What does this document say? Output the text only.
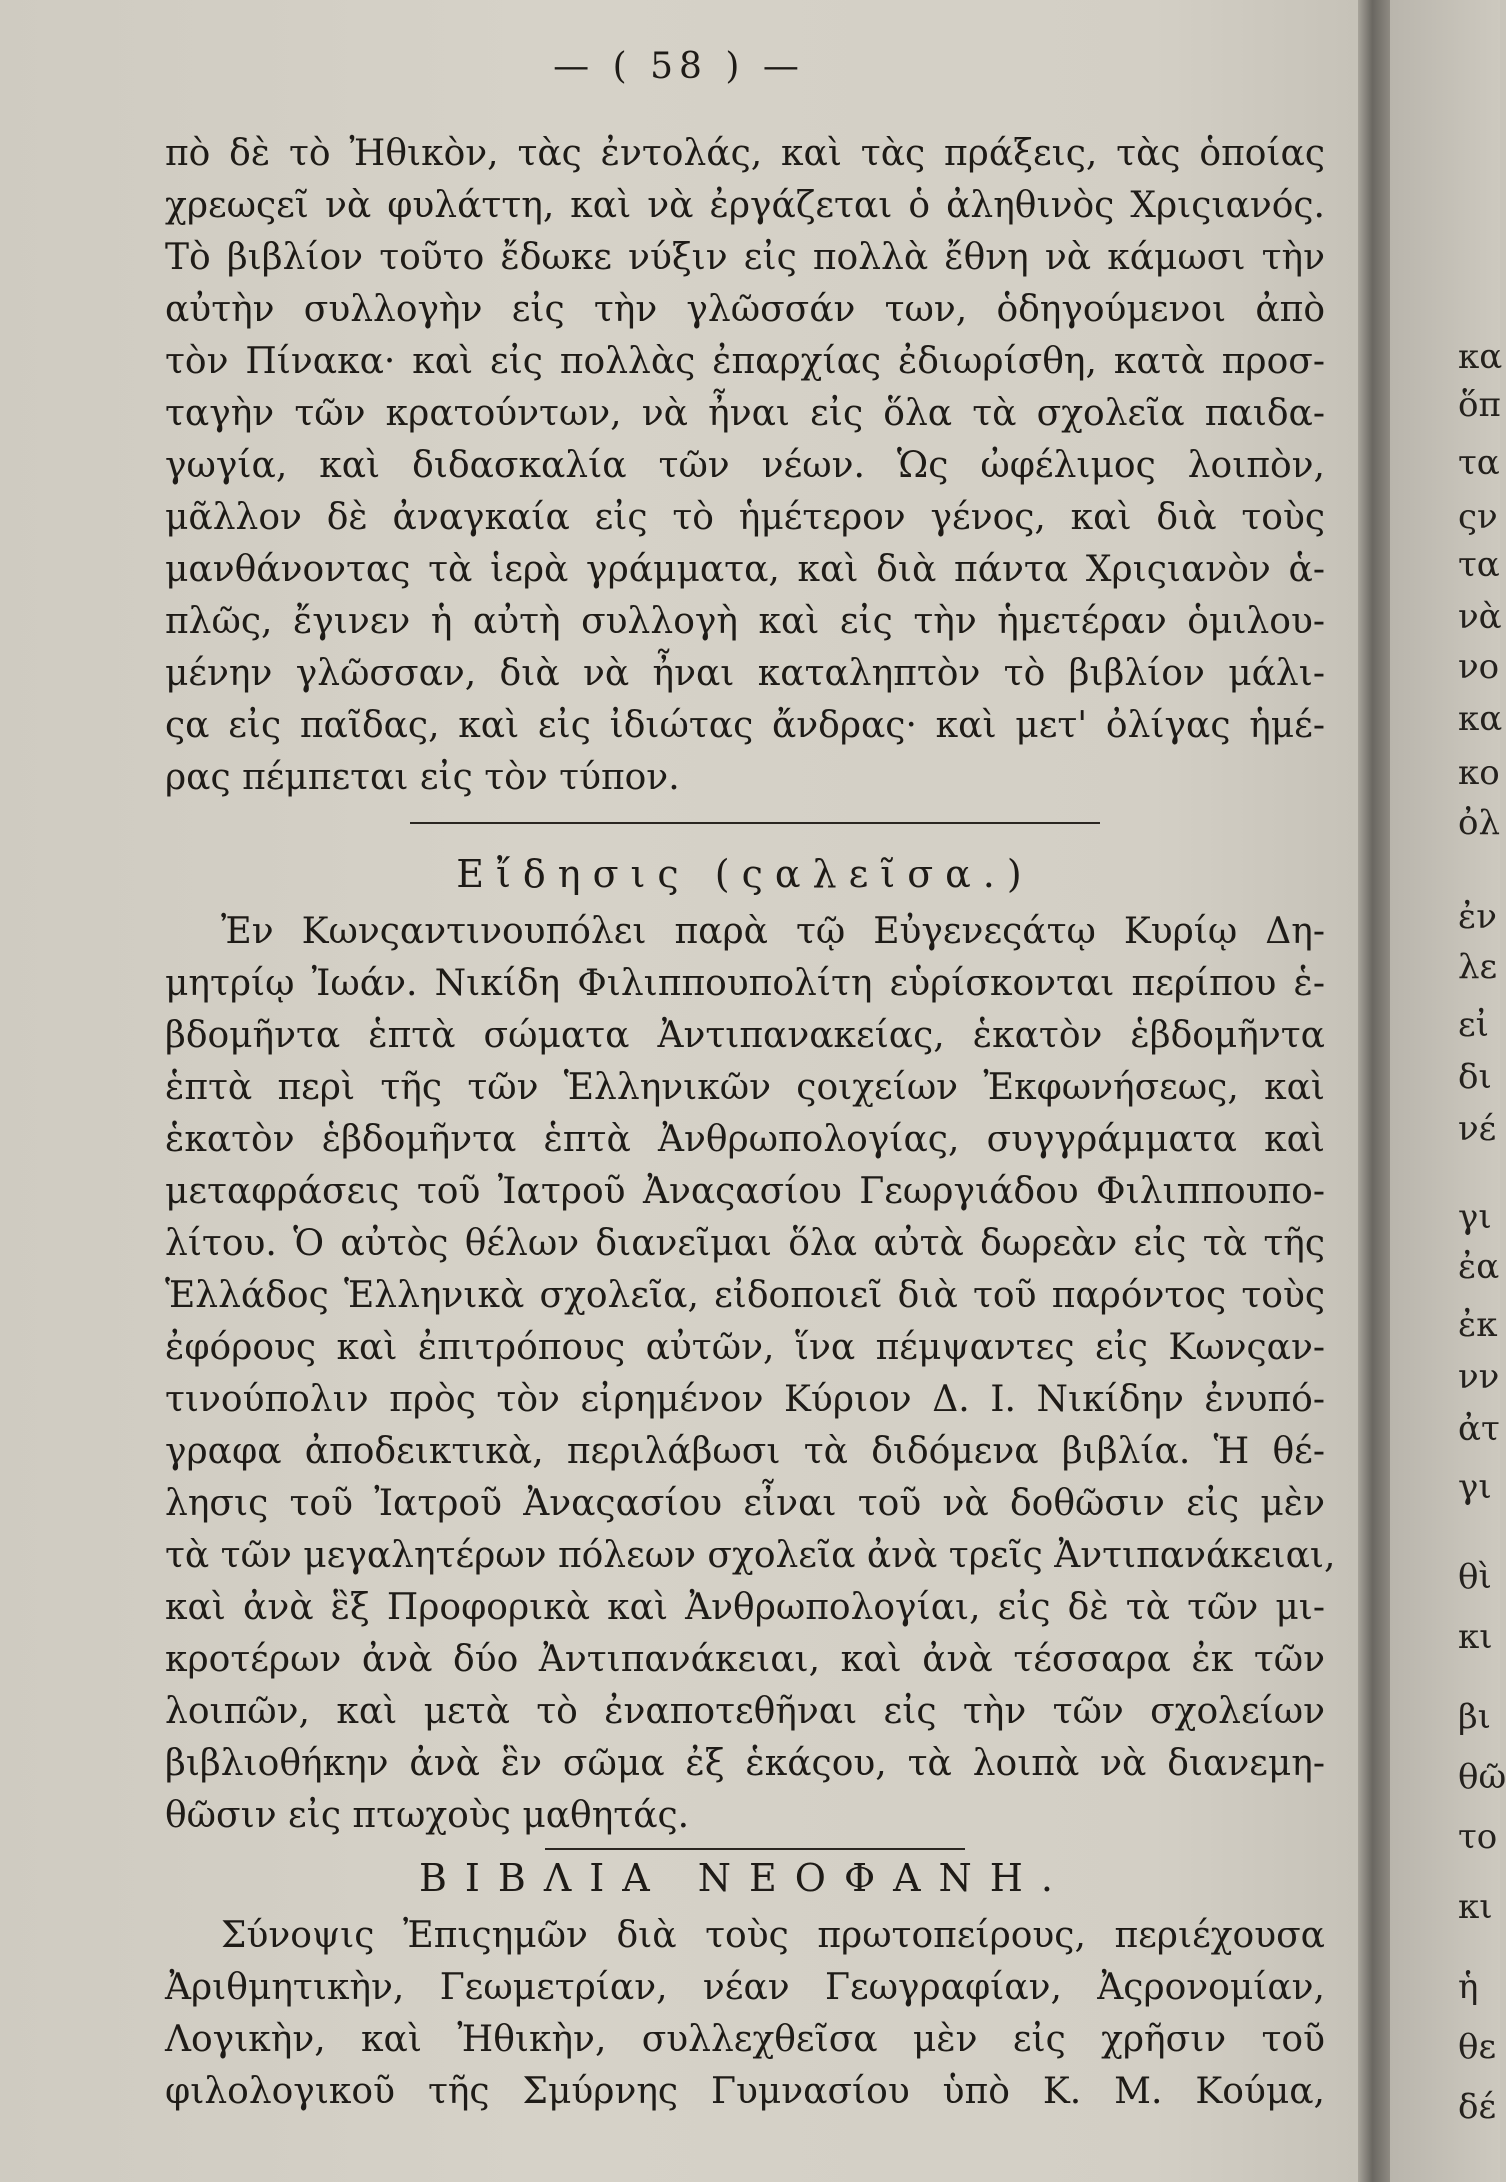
— ( 58 ) —
πὸ δὲ τὸ Ἠθικὸν, τὰς ἐντολάς, καὶ τὰς πράξεις, τὰς ὁποίας
χρεωςεῖ νὰ φυλάττη, καὶ νὰ ἐργάζεται ὁ ἀληθινὸς Χριςιανός.
Τὸ βιβλίον τοῦτο ἔδωκε νύξιν εἰς πολλὰ ἔθνη νὰ κάμωσι τὴν
αὐτὴν συλλογὴν εἰς τὴν γλῶσσάν των, ὁδηγούμενοι ἀπὸ
τὸν Πίνακα· καὶ εἰς πολλὰς ἐπαρχίας ἐδιωρίσθη, κατὰ προσ-
ταγὴν τῶν κρατούντων, νὰ ἦναι εἰς ὅλα τὰ σχολεῖα παιδα-
γωγία, καὶ διδασκαλία τῶν νέων. Ὡς ὠφέλιμος λοιπὸν,
μᾶλλον δὲ ἀναγκαία εἰς τὸ ἡμέτερον γένος, καὶ διὰ τοὺς
μανθάνοντας τὰ ἱερὰ γράμματα, καὶ διὰ πάντα Χριςιανὸν ἁ-
πλῶς, ἔγινεν ἡ αὐτὴ συλλογὴ καὶ εἰς τὴν ἡμετέραν ὁμιλου-
μένην γλῶσσαν, διὰ νὰ ἦναι καταληπτὸν τὸ βιβλίον μάλι-
ςα εἰς παῖδας, καὶ εἰς ἰδιώτας ἄνδρας· καὶ μετ' ὀλίγας ἡμέ-
ρας πέμπεται εἰς τὸν τύπον.
Εἴδησις (ςαλεῖσα.)
Ἐν Κωνςαντινουπόλει παρὰ τῷ Εὐγενεςάτῳ Κυρίῳ Δη-
μητρίῳ Ἰωάν. Νικίδη Φιλιππουπολίτη εὑρίσκονται περίπου ἑ-
βδομῆντα ἑπτὰ σώματα Ἀντιπανακείας, ἑκατὸν ἑβδομῆντα
ἑπτὰ περὶ τῆς τῶν Ἑλληνικῶν ςοιχείων Ἐκφωνήσεως, καὶ
ἑκατὸν ἑβδομῆντα ἑπτὰ Ἀνθρωπολογίας, συγγράμματα καὶ
μεταφράσεις τοῦ Ἰατροῦ Ἀναςασίου Γεωργιάδου Φιλιππουπο-
λίτου. Ὁ αὐτὸς θέλων διανεῖμαι ὅλα αὐτὰ δωρεὰν εἰς τὰ τῆς
Ἑλλάδος Ἑλληνικὰ σχολεῖα, εἰδοποιεῖ διὰ τοῦ παρόντος τοὺς
ἐφόρους καὶ ἐπιτρόπους αὐτῶν, ἵνα πέμψαντες εἰς Κωνςαν-
τινούπολιν πρὸς τὸν εἰρημένον Κύριον Δ. Ι. Νικίδην ἐνυπό-
γραφα ἀποδεικτικὰ, περιλάβωσι τὰ διδόμενα βιβλία. Ἡ θέ-
λησις τοῦ Ἰατροῦ Ἀναςασίου εἶναι τοῦ νὰ δοθῶσιν εἰς μὲν
τὰ τῶν μεγαλητέρων πόλεων σχολεῖα ἀνὰ τρεῖς Ἀντιπανάκειαι,
καὶ ἀνὰ ἓξ Προφορικὰ καὶ Ἀνθρωπολογίαι, εἰς δὲ τὰ τῶν μι-
κροτέρων ἀνὰ δύο Ἀντιπανάκειαι, καὶ ἀνὰ τέσσαρα ἐκ τῶν
λοιπῶν, καὶ μετὰ τὸ ἐναποτεθῆναι εἰς τὴν τῶν σχολείων
βιβλιοθήκην ἀνὰ ἓν σῶμα ἐξ ἑκάςου, τὰ λοιπὰ νὰ διανεμη-
θῶσιν εἰς πτωχοὺς μαθητάς.
ΒΙΒΛΙΑ ΝΕΟΦΑΝΗ.
Σύνοψις Ἐπιςημῶν διὰ τοὺς πρωτοπείρους, περιέχουσα
Ἀριθμητικὴν, Γεωμετρίαν, νέαν Γεωγραφίαν, Ἀςρονομίαν,
Λογικὴν, καὶ Ἠθικὴν, συλλεχθεῖσα μὲν εἰς χρῆσιν τοῦ
φιλολογικοῦ τῆς Σμύρνης Γυμνασίου ὑπὸ Κ. Μ. Κούμα,
κα
ὅπ
τα
ςν
τα
νὰ
νο
κα
κο
ὀλ
ἐν
λε
εἰ
δι
νέ
γι
ἐα
ἐκ
νν
ἀτ
γι
θὶ
κι
βι
θῶ
το
κι
ἡ
θε
δέ
